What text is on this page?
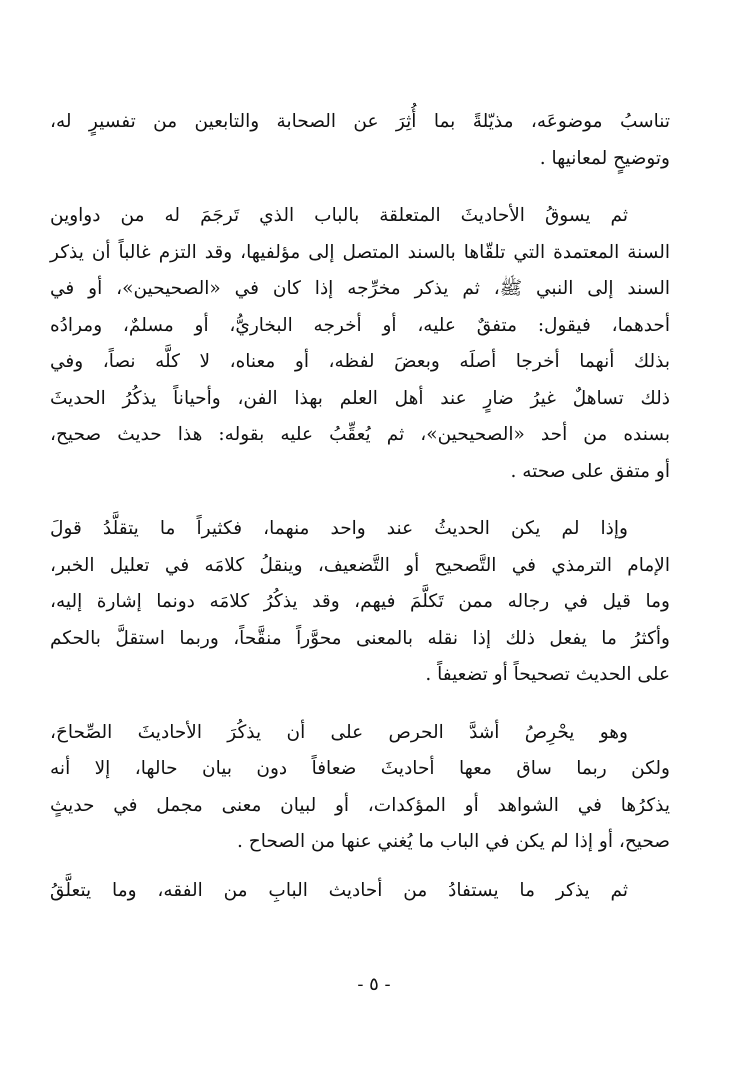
تناسبُ موضوعَه، مذيّلةً بما أُثِرَ عن الصحابة والتابعين من تفسيرٍ له،
وتوضيحٍ لمعانيها .
ثم يسوقُ الأحاديثَ المتعلقة بالباب الذي تَرجَمَ له من دواوين
السنة المعتمدة التي تلقّاها بالسند المتصل إلى مؤلفيها، وقد التزم غالباً أن يذكر
السند إلى النبي ﷺ، ثم يذكر مخرِّجه إذا كان في «الصحيحين»، أو في
أحدهما، فيقول: متفقٌ عليه، أو أخرجه البخاريُّ، أو مسلمٌ، ومرادُه
بذلك أنهما أخرجا أصلَه وبعضَ لفظه، أو معناه، لا كلَّه نصاً، وفي
ذلك تساهلٌ غيرُ ضارٍ عند أهل العلم بهذا الفن، وأحياناً يذكُرُ الحديثَ
بسنده من أحد «الصحيحين»، ثم يُعقِّبُ عليه بقوله: هذا حديث صحيح،
أو متفق على صحته .
وإذا لم يكن الحديثُ عند واحد منهما، فكثيراً ما يتقلَّدُ قولَ
الإمام الترمذي في التَّصحيح أو التَّضعيف، وينقلُ كلامَه في تعليل الخبر،
وما قيل في رجاله ممن تَكلَّمَ فيهم، وقد يذكُرُ كلامَه دونما إشارة إليه،
وأكثرُ ما يفعل ذلك إذا نقله بالمعنى محوَّراً منقَّحاً، وربما استقلَّ بالحكم
على الحديث تصحيحاً أو تضعيفاً .
وهو يحْرِصُ أشدَّ الحرص على أن يذكُرَ الأحاديثَ الصِّحاحَ،
ولكن ربما ساق معها أحاديثَ ضعافاً دون بيان حالها، إلا أنه
يذكرُها في الشواهد أو المؤكدات، أو لبيان معنى مجمل في حديثٍ
صحيح، أو إذا لم يكن في الباب ما يُغني عنها من الصحاح .
ثم يذكر ما يستفادُ من أحاديث البابِ من الفقه، وما يتعلَّقُ
- ٥ -
